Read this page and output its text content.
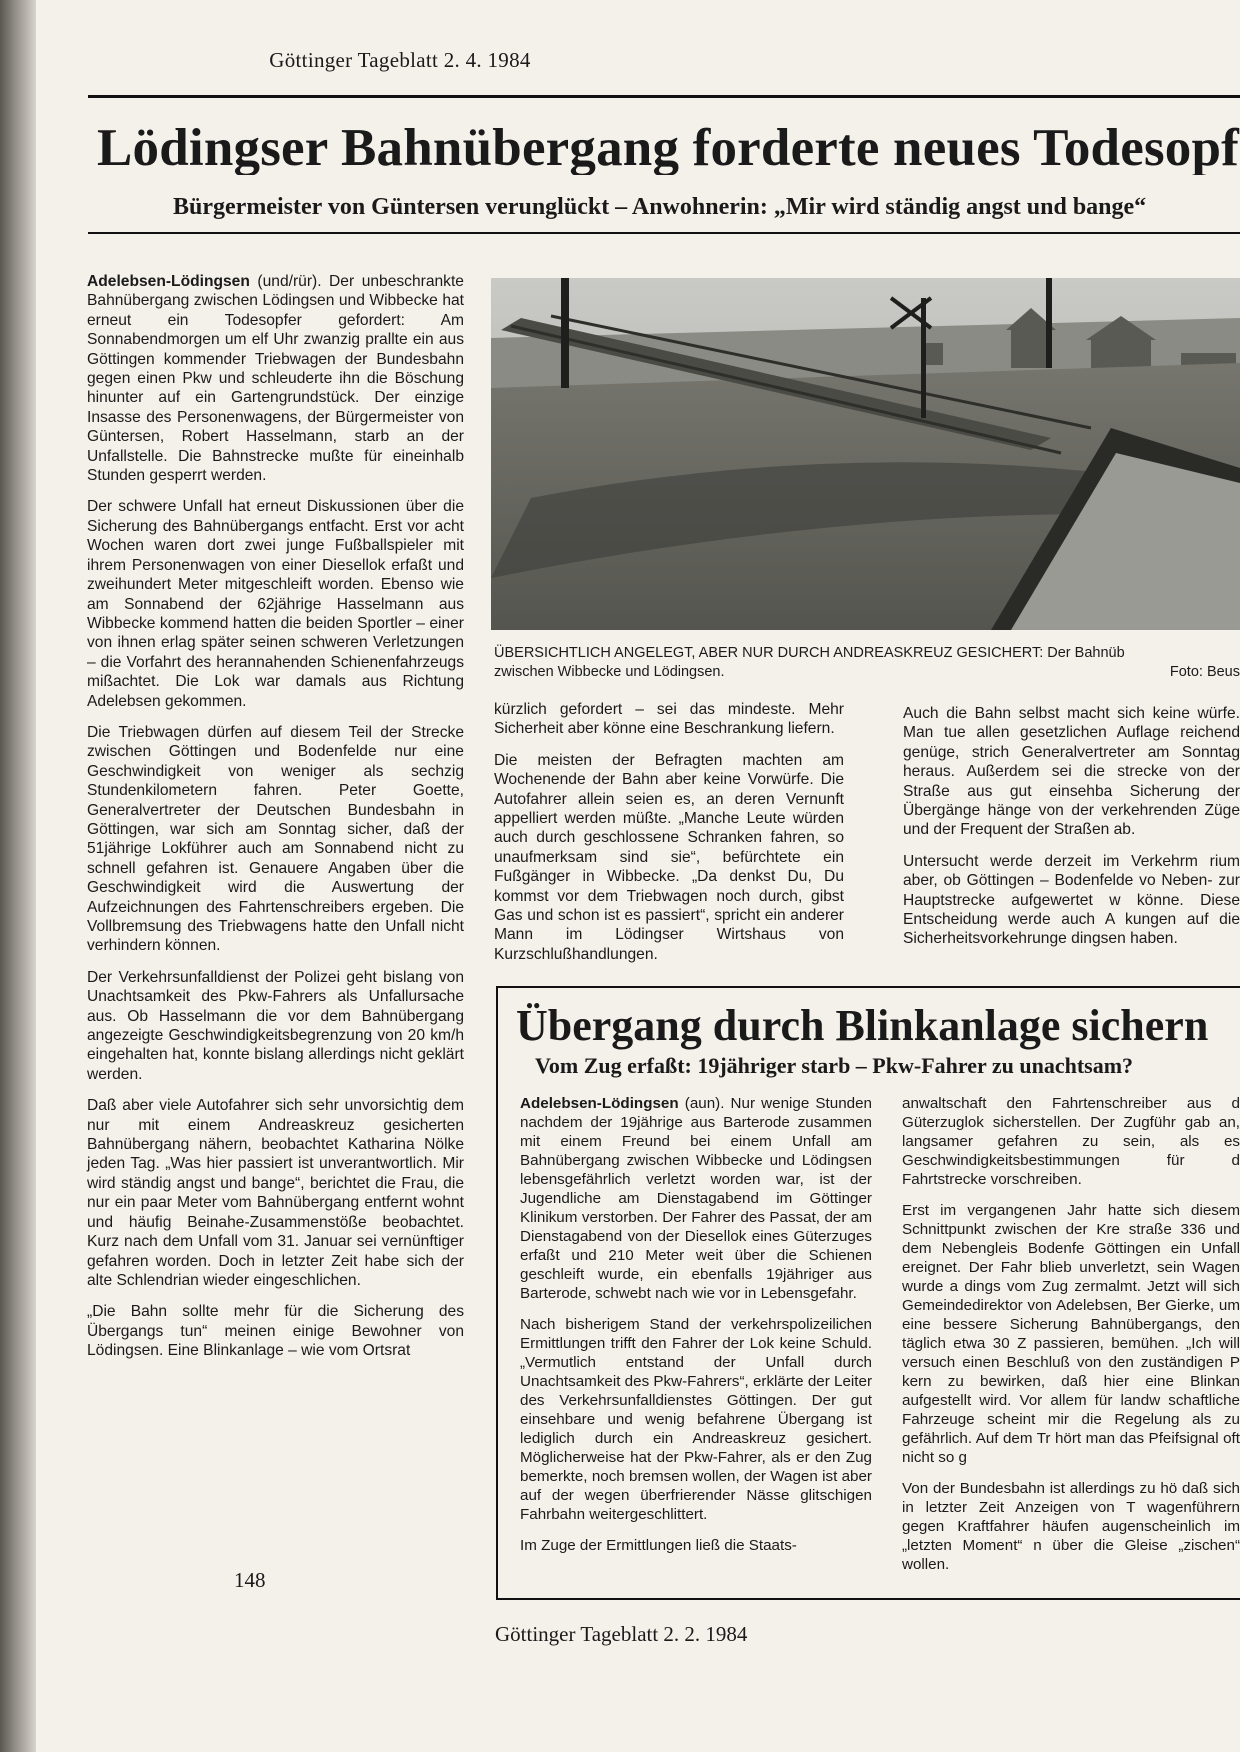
Göttinger Tageblatt 2. 4. 1984
Lödingser Bahnübergang forderte neues Todesopf
Bürgermeister von Güntersen verunglückt – Anwohnerin: „Mir wird ständig angst und bange“

Adelebsen-Lödingsen (und/rür). Der unbeschrankte Bahnübergang zwischen Lödingsen und Wibbecke hat erneut ein Todesopfer gefordert: Am Sonnabendmorgen um elf Uhr zwanzig prallte ein aus Göttingen kommender Triebwagen der Bundesbahn gegen einen Pkw und schleuderte ihn die Böschung hinunter auf ein Gartengrundstück. Der einzige Insasse des Personenwagens, der Bürgermeister von Güntersen, Robert Hasselmann, starb an der Unfallstelle. Die Bahnstrecke mußte für eineinhalb Stunden gesperrt werden.

Der schwere Unfall hat erneut Diskussionen über die Sicherung des Bahnübergangs entfacht. Erst vor acht Wochen waren dort zwei junge Fußballspieler mit ihrem Personenwagen von einer Diesellok erfaßt und zweihundert Meter mitgeschleift worden. Ebenso wie am Sonnabend der 62jährige Hasselmann aus Wibbecke kommend hatten die beiden Sportler – einer von ihnen erlag später seinen schweren Verletzungen – die Vorfahrt des herannahenden Schienenfahrzeugs mißachtet. Die Lok war damals aus Richtung Adelebsen gekommen.

Die Triebwagen dürfen auf diesem Teil der Strecke zwischen Göttingen und Bodenfelde nur eine Geschwindigkeit von weniger als sechzig Stundenkilometern fahren. Peter Goette, Generalvertreter der Deutschen Bundesbahn in Göttingen, war sich am Sonntag sicher, daß der 51jährige Lokführer auch am Sonnabend nicht zu schnell gefahren ist. Genauere Angaben über die Geschwindigkeit wird die Auswertung der Aufzeichnungen des Fahrtenschreibers ergeben. Die Vollbremsung des Triebwagens hatte den Unfall nicht verhindern können.

Der Verkehrsunfalldienst der Polizei geht bislang von Unachtsamkeit des Pkw-Fahrers als Unfallursache aus. Ob Hasselmann die vor dem Bahnübergang angezeigte Geschwindigkeitsbegrenzung von 20 km/h eingehalten hat, konnte bislang allerdings nicht geklärt werden.

Daß aber viele Autofahrer sich sehr unvorsichtig dem nur mit einem Andreaskreuz gesicherten Bahnübergang nähern, beobachtet Katharina Nölke jeden Tag. „Was hier passiert ist unverantwortlich. Mir wird ständig angst und bange“, berichtet die Frau, die nur ein paar Meter vom Bahnübergang entfernt wohnt und häufig Beinahe-Zusammenstöße beobachtet. Kurz nach dem Unfall vom 31. Januar sei vernünftiger gefahren worden. Doch in letzter Zeit habe sich der alte Schlendrian wieder eingeschlichen.

„Die Bahn sollte mehr für die Sicherung des Übergangs tun“ meinen einige Bewohner von Lödingsen. Eine Blinkanlage – wie vom Ortsrat

ÜBERSICHTLICH ANGELEGT, ABER NUR DURCH ANDREASKREUZ GESICHERT: Der Bahnüb
zwischen Wibbecke und Lödingsen.	Foto: Beus

kürzlich gefordert – sei das mindeste. Mehr Sicherheit aber könne eine Beschrankung liefern.

Die meisten der Befragten machten am Wochenende der Bahn aber keine Vorwürfe. Die Autofahrer allein seien es, an deren Vernunft appelliert werden müßte. „Manche Leute würden auch durch geschlossene Schranken fahren, so unaufmerksam sind sie“, befürchtete ein Fußgänger in Wibbecke. „Da denkst Du, Du kommst vor dem Triebwagen noch durch, gibst Gas und schon ist es passiert“, spricht ein anderer Mann im Lödingser Wirtshaus von Kurzschlußhandlungen.

Auch die Bahn selbst macht sich keine würfe. Man tue allen gesetzlichen Auflage reichend genüge, strich Generalvertreter am Sonntag heraus. Außerdem sei die strecke von der Straße aus gut einsehba Sicherung der Übergänge hänge von der verkehrenden Züge und der Frequent der Straßen ab.

Untersucht werde derzeit im Verkehrm rium aber, ob Göttingen – Bodenfelde vo Neben- zur Hauptstrecke aufgewertet w könne. Diese Entscheidung werde auch A kungen auf die Sicherheitsvorkehrunge dingsen haben.

Übergang durch Blinkanlage sichern
Vom Zug erfaßt: 19jähriger starb – Pkw-Fahrer zu unachtsam?

Adelebsen-Lödingsen (aun). Nur wenige Stunden nachdem der 19jährige aus Barterode zusammen mit einem Freund bei einem Unfall am Bahnübergang zwischen Wibbecke und Lödingsen lebensgefährlich verletzt worden war, ist der Jugendliche am Dienstagabend im Göttinger Klinikum verstorben. Der Fahrer des Passat, der am Dienstagabend von der Diesellok eines Güterzuges erfaßt und 210 Meter weit über die Schienen geschleift wurde, ein ebenfalls 19jähriger aus Barterode, schwebt nach wie vor in Lebensgefahr.

Nach bisherigem Stand der verkehrspolizeilichen Ermittlungen trifft den Fahrer der Lok keine Schuld. „Vermutlich entstand der Unfall durch Unachtsamkeit des Pkw-Fahrers“, erklärte der Leiter des Verkehrsunfalldienstes Göttingen. Der gut einsehbare und wenig befahrene Übergang ist lediglich durch ein Andreaskreuz gesichert. Möglicherweise hat der Pkw-Fahrer, als er den Zug bemerkte, noch bremsen wollen, der Wagen ist aber auf der wegen überfrierender Nässe glitschigen Fahrbahn weitergeschlittert.

Im Zuge der Ermittlungen ließ die Staats-

anwaltschaft den Fahrtenschreiber aus d Güterzuglok sicherstellen. Der Zugführ gab an, langsamer gefahren zu sein, als es Geschwindigkeitsbestimmungen für d Fahrtstrecke vorschreiben.

Erst im vergangenen Jahr hatte sich diesem Schnittpunkt zwischen der Kre straße 336 und dem Nebengleis Bodenfe Göttingen ein Unfall ereignet. Der Fahr blieb unverletzt, sein Wagen wurde a dings vom Zug zermalmt. Jetzt will sich Gemeindedirektor von Adelebsen, Ber Gierke, um eine bessere Sicherung Bahnübergangs, den täglich etwa 30 Z passieren, bemühen. „Ich will versuch einen Beschluß von den zuständigen P kern zu bewirken, daß hier eine Blinkan aufgestellt wird. Vor allem für landw schaftliche Fahrzeuge scheint mir die Regelung als zu gefährlich. Auf dem Tr hört man das Pfeifsignal oft nicht so g

Von der Bundesbahn ist allerdings zu hö daß sich in letzter Zeit Anzeigen von T wagenführern gegen Kraftfahrer häufen augenscheinlich im „letzten Moment“ n über die Gleise „zischen“ wollen.

148
Göttinger Tageblatt 2. 2. 1984
